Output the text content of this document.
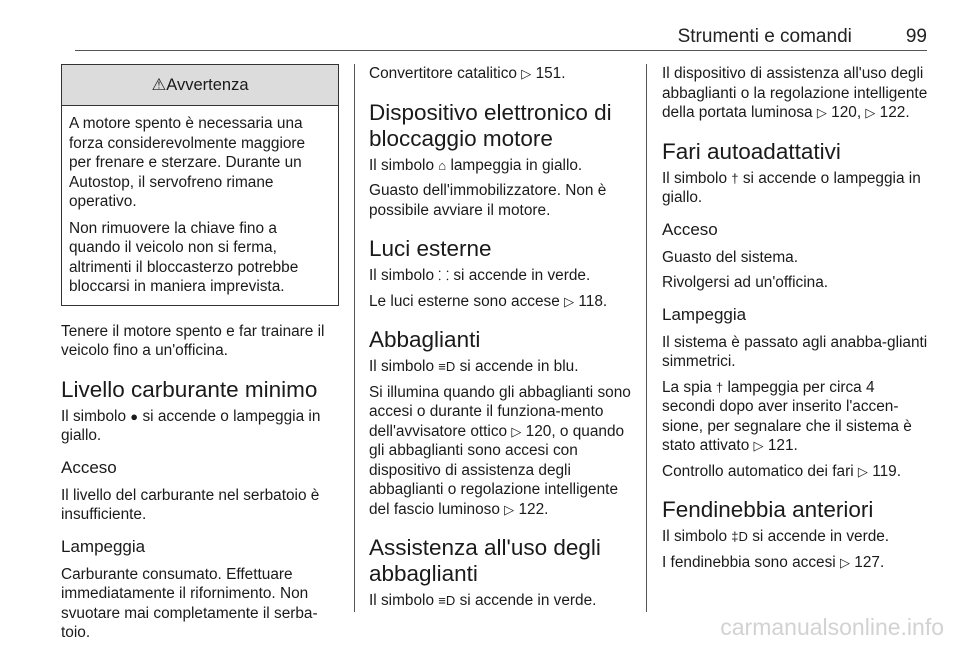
Strumenti e comandi	99
⚠Avvertenza

A motore spento è necessaria una forza considerevolmente maggiore per frenare e sterzare. Durante un Autostop, il servofreno rimane operativo.

Non rimuovere la chiave fino a quando il veicolo non si ferma, altrimenti il bloccasterzo potrebbe bloccarsi in maniera imprevista.

Tenere il motore spento e far trainare il veicolo fino a un'officina.

Livello carburante minimo

Il simbolo ● si accende o lampeggia in giallo.

Acceso

Il livello del carburante nel serbatoio è insufficiente.

Lampeggia

Carburante consumato. Effettuare immediatamente il rifornimento. Non svuotare mai completamente il serba-toio.

Convertitore catalitico ▷ 151.

Dispositivo elettronico di bloccaggio motore

Il simbolo ⌂ lampeggia in giallo.

Guasto dell'immobilizzatore. Non è possibile avviare il motore.

Luci esterne

Il simbolo ⸬ si accende in verde.

Le luci esterne sono accese ▷ 118.

Abbaglianti

Il simbolo ≡D si accende in blu.

Si illumina quando gli abbaglianti sono accesi o durante il funziona-mento dell'avvisatore ottico ▷ 120, o quando gli abbaglianti sono accesi con dispositivo di assistenza degli abbaglianti o regolazione intelligente del fascio luminoso ▷ 122.

Assistenza all'uso degli abbaglianti

Il simbolo ≡D si accende in verde.

Il dispositivo di assistenza all'uso degli abbaglianti o la regolazione intelligente della portata luminosa ▷ 120, ▷ 122.

Fari autoadattativi

Il simbolo † si accende o lampeggia in giallo.

Acceso

Guasto del sistema.

Rivolgersi ad un'officina.

Lampeggia

Il sistema è passato agli anabba-glianti simmetrici.

La spia † lampeggia per circa 4 secondi dopo aver inserito l'accen-sione, per segnalare che il sistema è stato attivato ▷ 121.

Controllo automatico dei fari ▷ 119.

Fendinebbia anteriori

Il simbolo ‡D si accende in verde.

I fendinebbia sono accesi ▷ 127.

carmanualsonline.info
